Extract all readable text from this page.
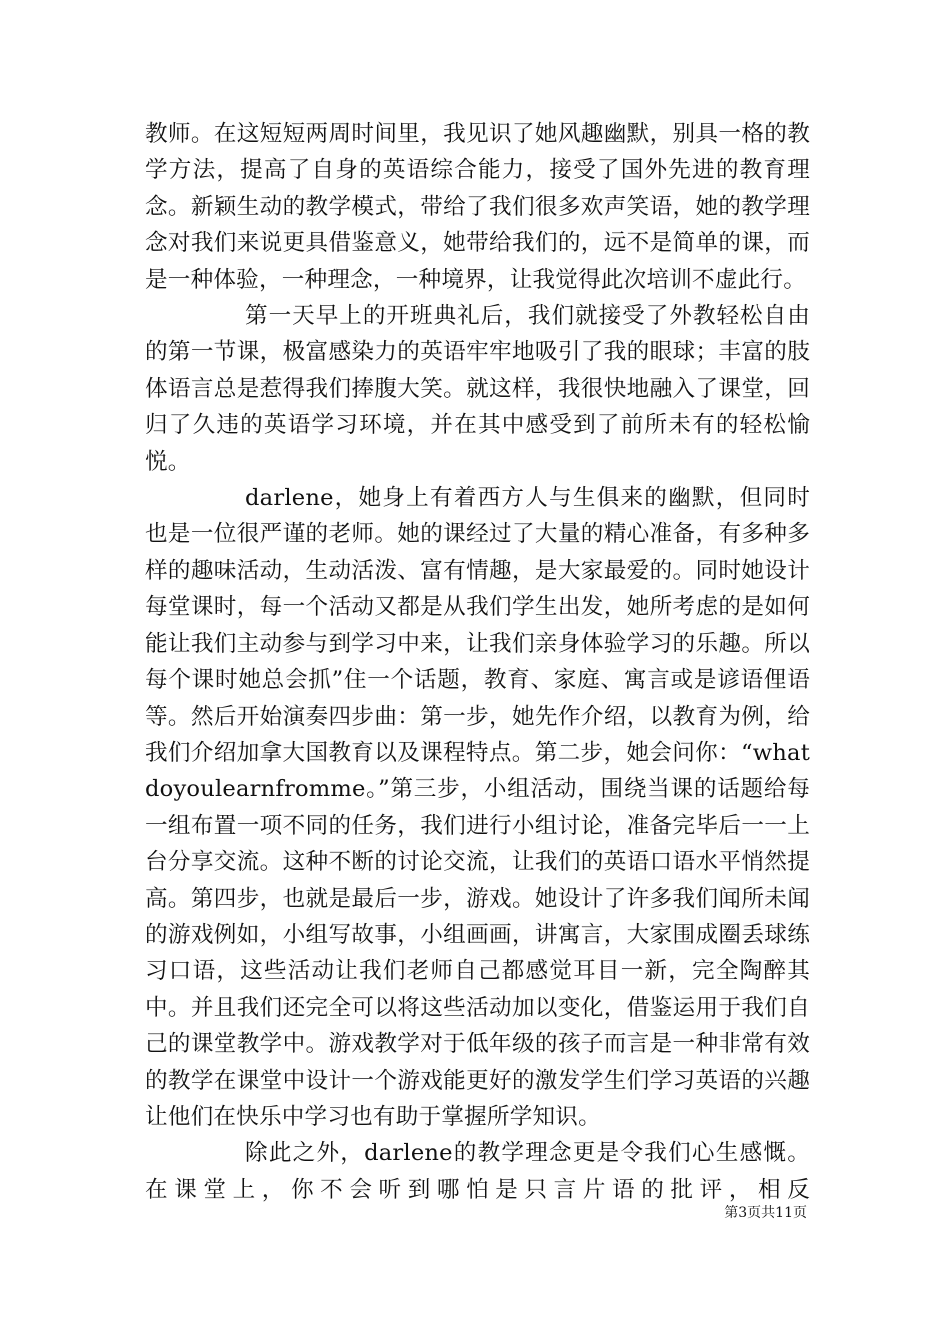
教师。在这短短两周时间里，我见识了她风趣幽默，别具一格的教学方法，提高了自身的英语综合能力，接受了国外先进的教育理念。新颖生动的教学模式，带给了我们很多欢声笑语，她的教学理念对我们来说更具借鉴意义，她带给我们的，远不是简单的课，而是一种体验，一种理念，一种境界，让我觉得此次培训不虚此行。

第一天早上的开班典礼后，我们就接受了外教轻松自由的第一节课，极富感染力的英语牢牢地吸引了我的眼球；丰富的肢体语言总是惹得我们捧腹大笑。就这样，我很快地融入了课堂，回归了久违的英语学习环境，并在其中感受到了前所未有的轻松愉悦。

darlene，她身上有着西方人与生俱来的幽默，但同时也是一位很严谨的老师。她的课经过了大量的精心准备，有多种多样的趣味活动，生动活泼、富有情趣，是大家最爱的。同时她设计每堂课时，每一个活动又都是从我们学生出发，她所考虑的是如何能让我们主动参与到学习中来，让我们亲身体验学习的乐趣。所以每个课时她总会抓”住一个话题，教育、家庭、寓言或是谚语俚语等。然后开始演奏四步曲：第一步，她先作介绍，以教育为例，给我们介绍加拿大国教育以及课程特点。第二步，她会问你：“whatdoyoulearnfromme。”第三步，小组活动，围绕当课的话题给每一组布置一项不同的任务，我们进行小组讨论，准备完毕后一一上台分享交流。这种不断的讨论交流，让我们的英语口语水平悄然提高。第四步，也就是最后一步，游戏。她设计了许多我们闻所未闻的游戏例如，小组写故事，小组画画，讲寓言，大家围成圈丢球练习口语，这些活动让我们老师自己都感觉耳目一新，完全陶醉其中。并且我们还完全可以将这些活动加以变化，借鉴运用于我们自己的课堂教学中。游戏教学对于低年级的孩子而言是一种非常有效的教学在课堂中设计一个游戏能更好的激发学生们学习英语的兴趣让他们在快乐中学习也有助于掌握所学知识。

除此之外，darlene的教学理念更是令我们心生感慨。在课堂上，你不会听到哪怕是只言片语的批评，相反

第3页共11页
